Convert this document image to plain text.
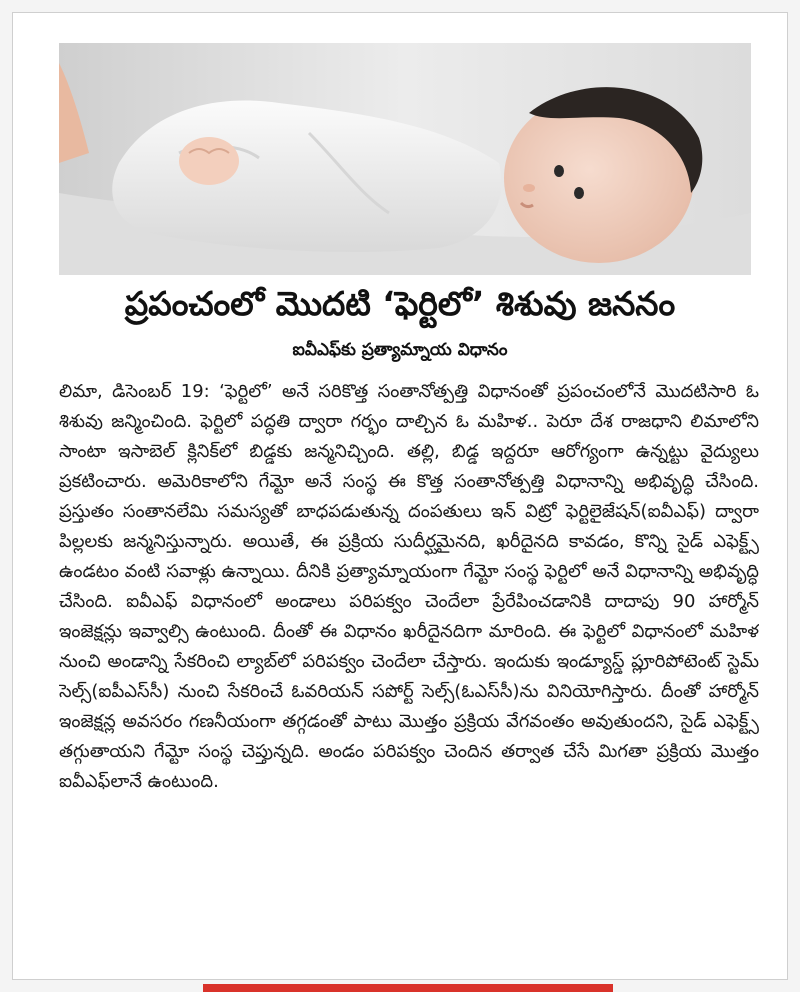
ప్రపంచంలో మొదటి ‘ఫెర్టిలో’ శిశువు జననం
ఐవీఎఫ్‌కు ప్రత్యామ్నాయ విధానం

లిమా, డిసెంబర్ 19: ‘ఫెర్టిలో’ అనే సరికొత్త సంతానోత్పత్తి విధానంతో ప్రపంచంలోనే మొదటిసారి ఓ శిశువు జన్మించింది. ఫెర్టిలో పద్ధతి ద్వారా గర్భం దాల్చిన ఓ మహిళ.. పెరూ దేశ రాజధాని లిమాలోని సాంటా ఇసాబెల్ క్లినిక్‌లో బిడ్డకు జన్మనిచ్చింది. తల్లి, బిడ్డ ఇద్దరూ ఆరోగ్యంగా ఉన్నట్టు వైద్యులు ప్రకటించారు. అమెరికాలోని గేమ్టో అనే సంస్థ ఈ కొత్త సంతానోత్పత్తి విధానాన్ని అభివృద్ధి చేసింది. ప్రస్తుతం సంతానలేమి సమస్యతో బాధపడుతున్న దంపతులు ఇన్ విట్రో ఫెర్టిలైజేషన్(ఐవీఎఫ్) ద్వారా పిల్లలకు జన్మనిస్తున్నారు. అయితే, ఈ ప్రక్రియ సుదీర్ఘమైనది, ఖరీదైనది కావడం, కొన్ని సైడ్ ఎఫెక్ట్స్ ఉండటం వంటి సవాళ్లు ఉన్నాయి. దీనికి ప్రత్యామ్నాయంగా గేమ్టో సంస్థ ఫెర్టిలో అనే విధానాన్ని అభివృద్ధి చేసింది. ఐవీఎఫ్ విధానంలో అండాలు పరిపక్వం చెందేలా ప్రేరేపించడానికి దాదాపు 90 హార్మోన్ ఇంజెక్షన్లు ఇవ్వాల్సి ఉంటుంది. దీంతో ఈ విధానం ఖరీదైనదిగా మారింది. ఈ ఫెర్టిలో విధానంలో మహిళ నుంచి అండాన్ని సేకరించి ల్యాబ్‌లో పరిపక్వం చెందేలా చేస్తారు. ఇందుకు ఇండ్యూస్డ్ ప్లూరిపోటెంట్ స్టెమ్ సెల్స్(ఐపీఎస్‌సీ) నుంచి సేకరించే ఓవరియన్ సపోర్ట్ సెల్స్(ఓఎస్‌సీ)ను వినియోగిస్తారు. దీంతో హార్మోన్ ఇంజెక్షన్ల అవసరం గణనీయంగా తగ్గడంతో పాటు మొత్తం ప్రక్రియ వేగవంతం అవుతుందని, సైడ్ ఎఫెక్ట్స్ తగ్గుతాయని గేమ్టో సంస్థ చెప్తున్నది. అండం పరిపక్వం చెందిన తర్వాత చేసే మిగతా ప్రక్రియ మొత్తం ఐవీఎఫ్‌లానే ఉంటుంది.
